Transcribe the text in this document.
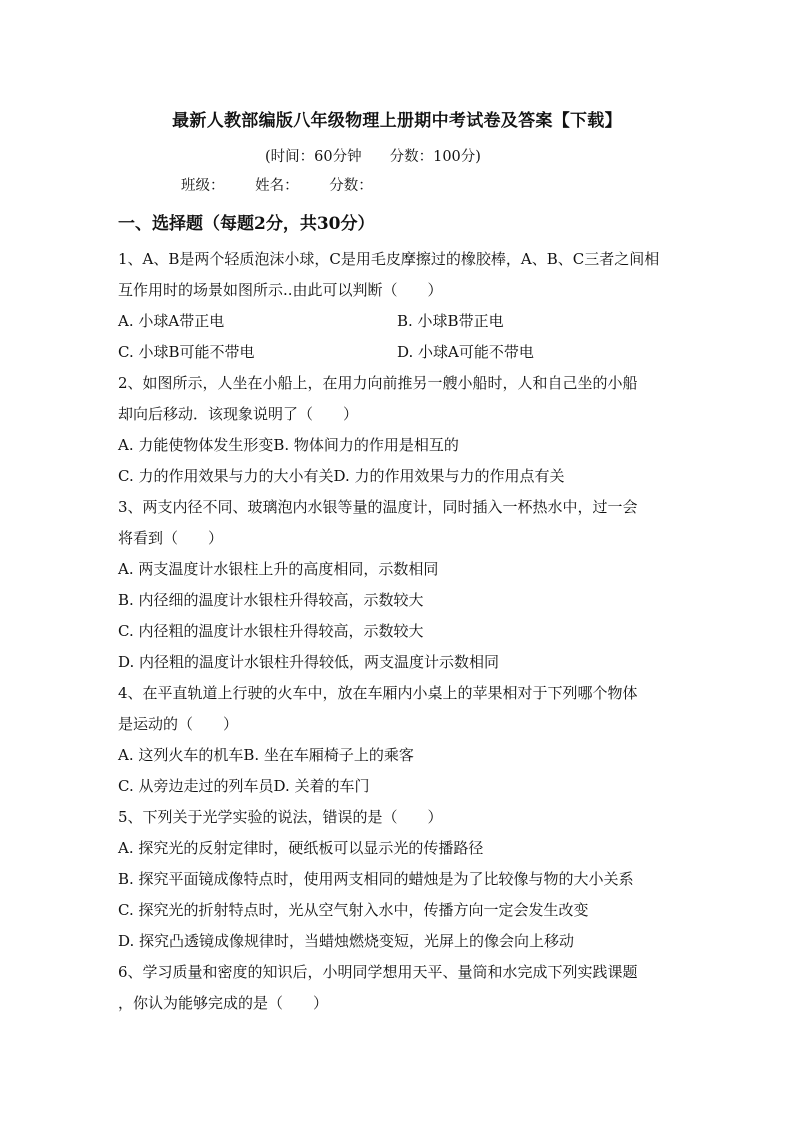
最新人教部编版八年级物理上册期中考试卷及答案【下载】
(时间：60分钟 分数：100分)
班级： 姓名： 分数：
一、选择题（每题2分，共30分）
1、A、B是两个轻质泡沫小球，C是用毛皮摩擦过的橡胶棒，A、B、C三者之间相
互作用时的场景如图所示..由此可以判断（　　）
A. 小球A带正电	B. 小球B带正电
C. 小球B可能不带电	D. 小球A可能不带电
2、如图所示，人坐在小船上，在用力向前推另一艘小船时，人和自己坐的小船
却向后移动．该现象说明了（　　）
A. 力能使物体发生形变B. 物体间力的作用是相互的
C. 力的作用效果与力的大小有关D. 力的作用效果与力的作用点有关
3、两支内径不同、玻璃泡内水银等量的温度计，同时插入一杯热水中，过一会
将看到（　　）
A. 两支温度计水银柱上升的高度相同，示数相同
B. 内径细的温度计水银柱升得较高，示数较大
C. 内径粗的温度计水银柱升得较高，示数较大
D. 内径粗的温度计水银柱升得较低，两支温度计示数相同
4、在平直轨道上行驶的火车中，放在车厢内小桌上的苹果相对于下列哪个物体
是运动的（　　）
A. 这列火车的机车B. 坐在车厢椅子上的乘客
C. 从旁边走过的列车员D. 关着的车门
5、下列关于光学实验的说法，错误的是（　　）
A. 探究光的反射定律时，硬纸板可以显示光的传播路径
B. 探究平面镜成像特点时，使用两支相同的蜡烛是为了比较像与物的大小关系
C. 探究光的折射特点时，光从空气射入水中，传播方向一定会发生改变
D. 探究凸透镜成像规律时，当蜡烛燃烧变短，光屏上的像会向上移动
6、学习质量和密度的知识后，小明同学想用天平、量筒和水完成下列实践课题
，你认为能够完成的是（　　）
